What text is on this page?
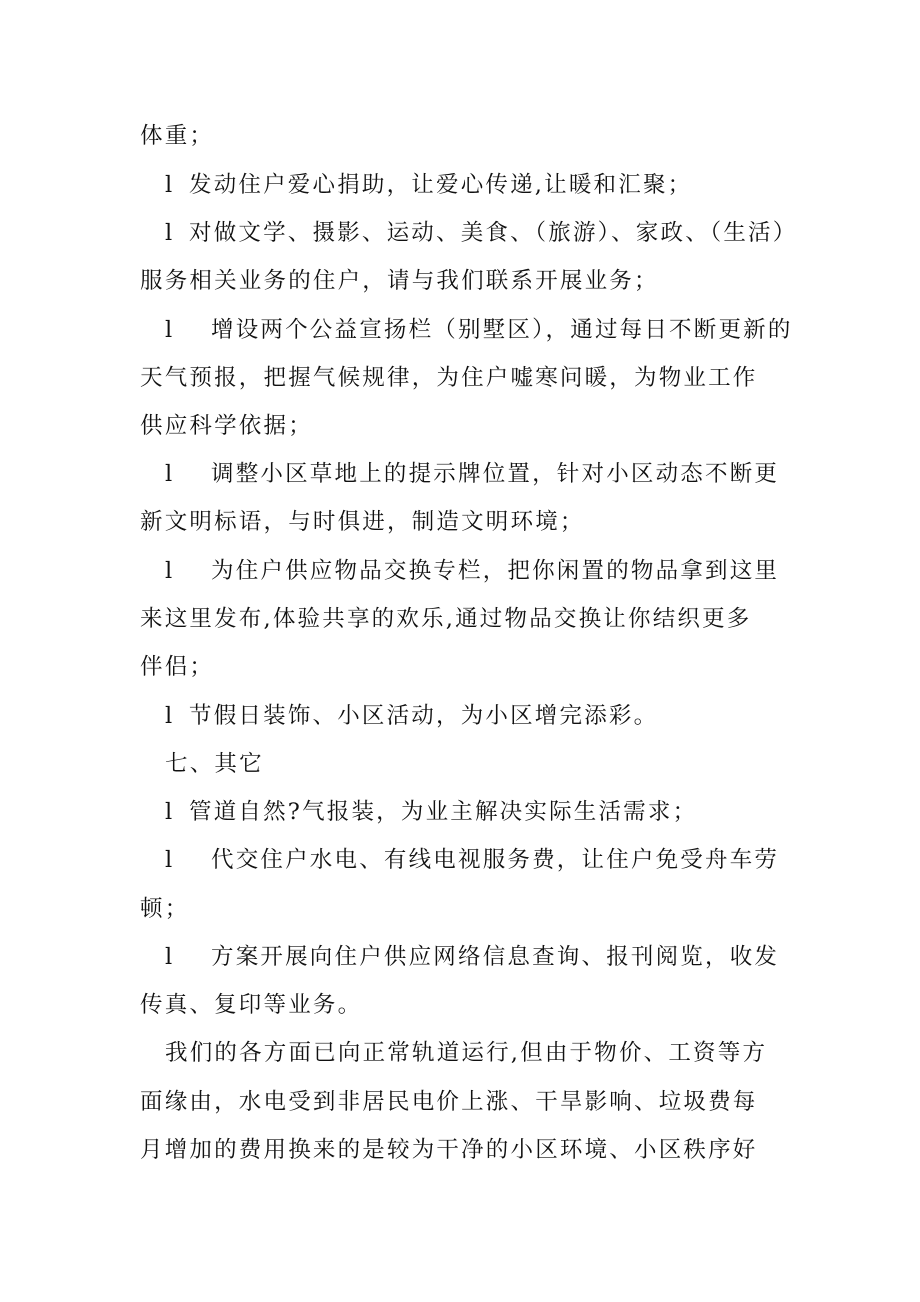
体重；
l 发动住户爱心捐助，让爱心传递,让暖和汇聚；
l 对做文学、摄影、运动、美食、（旅游）、家政、（生活）
服务相关业务的住户，请与我们联系开展业务；
l 增设两个公益宣扬栏（别墅区），通过每日不断更新的
天气预报，把握气候规律，为住户嘘寒问暖，为物业工作
供应科学依据；
l 调整小区草地上的提示牌位置，针对小区动态不断更
新文明标语，与时俱进，制造文明环境；
l 为住户供应物品交换专栏，把你闲置的物品拿到这里
来这里发布,体验共享的欢乐,通过物品交换让你结织更多
伴侣；
l 节假日装饰、小区活动，为小区增完添彩。
七、其它
l 管道自然?气报装，为业主解决实际生活需求；
l 代交住户水电、有线电视服务费，让住户免受舟车劳
顿；
l 方案开展向住户供应网络信息查询、报刊阅览，收发
传真、复印等业务。
我们的各方面已向正常轨道运行,但由于物价、工资等方
面缘由，水电受到非居民电价上涨、干旱影响、垃圾费每
月增加的费用换来的是较为干净的小区环境、小区秩序好
